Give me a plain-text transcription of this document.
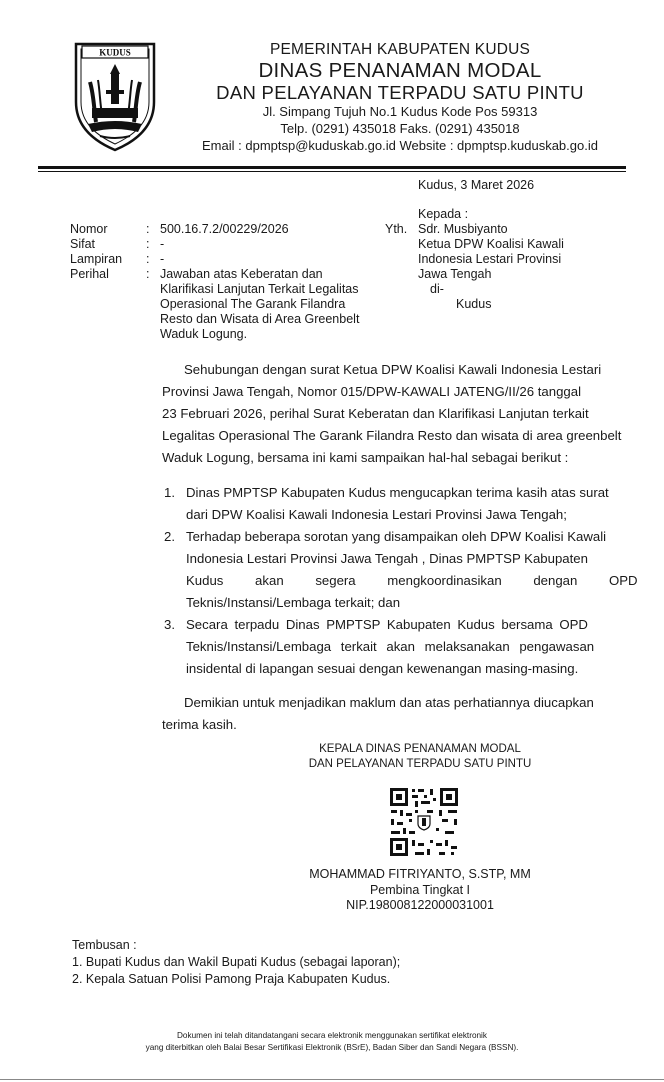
KUDUS	PEMERINTAH KABUPATEN KUDUS
DINAS PENANAMAN MODAL
DAN PELAYANAN TERPADU SATU PINTU
Jl. Simpang Tujuh No.1 Kudus Kode Pos 59313
Telp. (0291) 435018 Faks. (0291) 435018
Email : dpmptsp@kuduskab.go.id Website : dpmptsp.kuduskab.go.id
Kudus, 3 Maret 2026
Nomor	: 500.16.7.2/00229/2026
Sifat	: -
Lampiran : -
Perihal	: Jawaban atas Keberatan dan
Klarifikasi Lanjutan Terkait Legalitas
Operasional The Garank Filandra
Resto dan Wisata di Area Greenbelt
Waduk Logung.
Kepada :
Yth. Sdr. Musbiyanto
Ketua DPW Koalisi Kawali
Indonesia Lestari Provinsi
Jawa Tengah
di-
Kudus
Sehubungan dengan surat Ketua DPW Koalisi Kawali Indonesia Lestari
Provinsi Jawa Tengah, Nomor 015/DPW-KAWALI JATENG/II/26 tanggal
23 Februari 2026, perihal Surat Keberatan dan Klarifikasi Lanjutan terkait
Legalitas Operasional The Garank Filandra Resto dan wisata di area greenbelt
Waduk Logung, bersama ini kami sampaikan hal-hal sebagai berikut :
1. Dinas PMPTSP Kabupaten Kudus mengucapkan terima kasih atas surat
dari DPW Koalisi Kawali Indonesia Lestari Provinsi Jawa Tengah;
2. Terhadap beberapa sorotan yang disampaikan oleh DPW Koalisi Kawali
Indonesia Lestari Provinsi Jawa Tengah , Dinas PMPTSP Kabupaten
Kudus akan segera mengkoordinasikan dengan OPD
Teknis/Instansi/Lembaga terkait; dan
3. Secara terpadu Dinas PMPTSP Kabupaten Kudus bersama OPD
Teknis/Instansi/Lembaga terkait akan melaksanakan pengawasan
insidental di lapangan sesuai dengan kewenangan masing-masing.
Demikian untuk menjadikan maklum dan atas perhatiannya diucapkan
terima kasih.
KEPALA DINAS PENANAMAN MODAL
DAN PELAYANAN TERPADU SATU PINTU
MOHAMMAD FITRIYANTO, S.STP, MM
Pembina Tingkat I
NIP.198008122000031001
Tembusan :
1. Bupati Kudus dan Wakil Bupati Kudus (sebagai laporan);
2. Kepala Satuan Polisi Pamong Praja Kabupaten Kudus.
Dokumen ini telah ditandatangani secara elektronik menggunakan sertifikat elektronik
yang diterbitkan oleh Balai Besar Sertifikasi Elektronik (BSrE), Badan Siber dan Sandi Negara (BSSN).
